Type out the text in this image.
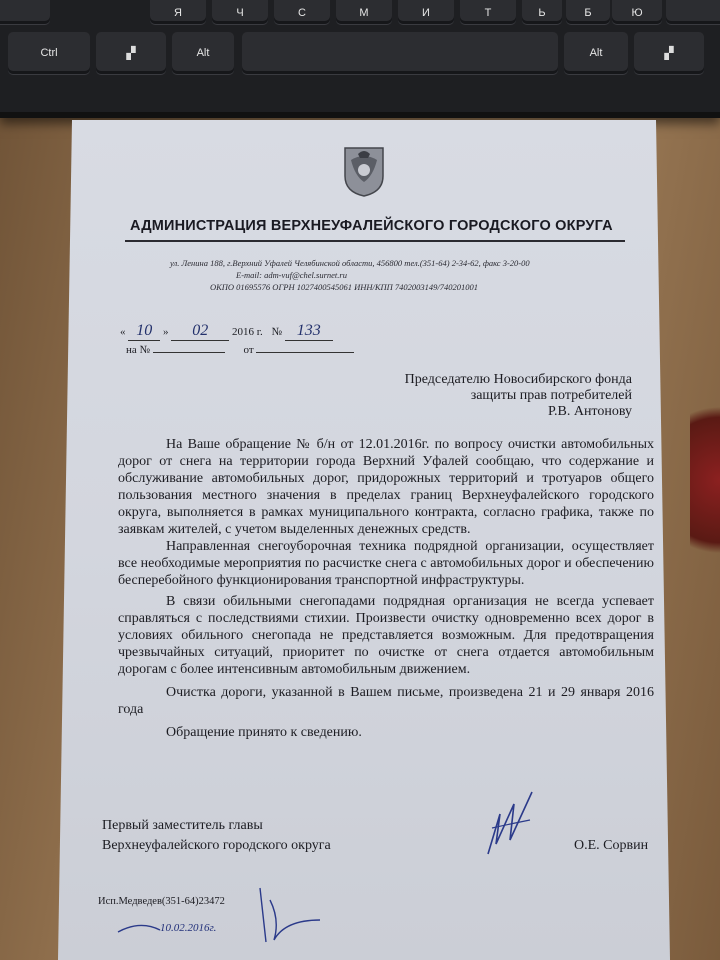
Я	Ч	С	М	И	Т	Ь	Б	Ю
Ctrl	▞	Alt	Alt	▞
АДМИНИСТРАЦИЯ ВЕРХНЕУФАЛЕЙСКОГО ГОРОДСКОГО ОКРУГА
ул. Ленина 188, г.Верхний Уфалей Челябинской области, 456800 тел.(351-64) 2-34-62, факс 3-20-00
E-mail: adm-vuf@chel.surnet.ru
ОКПО 01695576 ОГРН 1027400545061 ИНН/КПП 7402003149/740201001
« 10 » 02 2016 г. № 133
на №	от
Председателю Новосибирского фонда
защиты прав потребителей
Р.В. Антонову

На Ваше обращение № б/н от 12.01.2016г. по вопросу очистки автомобильных дорог от снега на территории города Верхний Уфалей сообщаю, что содержание и обслуживание автомобильных дорог, придорожных территорий и тротуаров общего пользования местного значения в пределах границ Верхнеуфалейского городского округа, выполняется в рамках муниципального контракта, согласно графика, также по заявкам жителей, с учетом выделенных денежных средств.

Направленная снегоуборочная техника подрядной организации, осуществляет все необходимые мероприятия по расчистке снега с автомобильных дорог и обеспечению бесперебойного функционирования транспортной инфраструктуры.

В связи обильными снегопадами подрядная организация не всегда успевает справляться с последствиями стихии. Произвести очистку одновременно всех дорог в условиях обильного снегопада не представляется возможным. Для предотвращения чрезвычайных ситуаций, приоритет по очистке от снега отдается автомобильным дорогам с более интенсивным автомобильным движением.

Очистка дороги, указанной в Вашем письме, произведена 21 и 29 января 2016 года

Обращение принято к сведению.

Первый заместитель главы
Верхнеуфалейского городского округа	О.Е. Сорвин
Исп.Медведев(351-64)23472
10.02.2016г.
